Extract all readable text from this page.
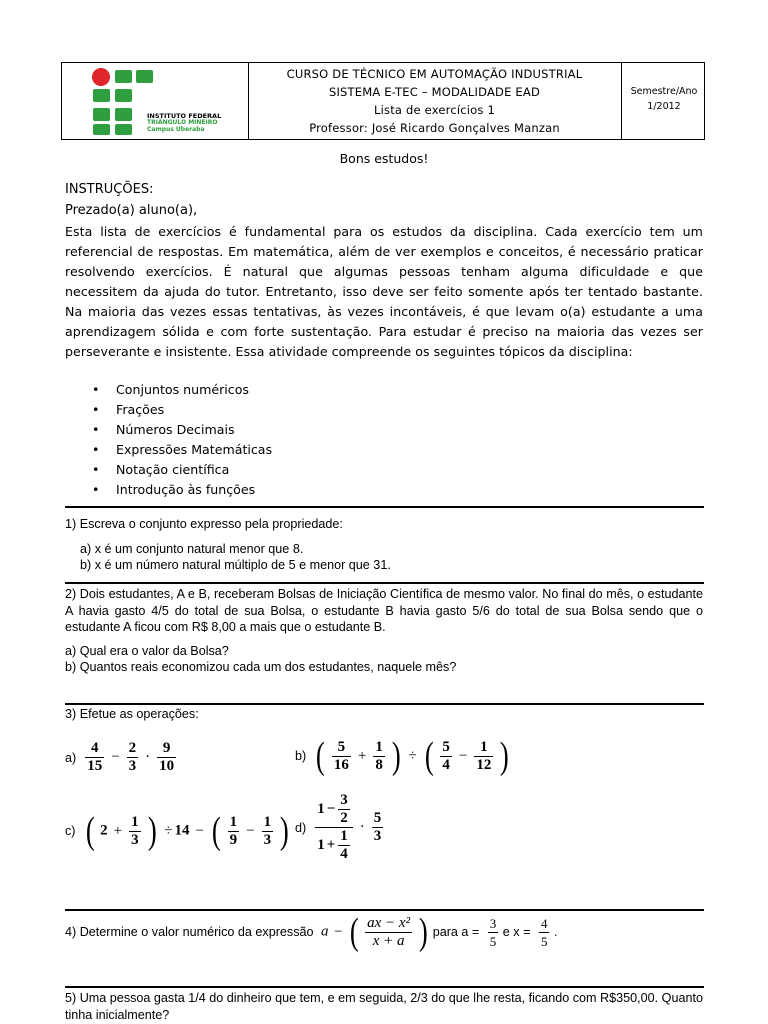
INSTITUTO FEDERAL
TRIÂNGULO MINEIRO
Campus Uberaba
CURSO DE TÉCNICO EM AUTOMAÇÃO INDUSTRIAL
SISTEMA E-TEC – MODALIDADE EAD
Lista de exercícios 1
Professor: José Ricardo Gonçalves Manzan
Semestre/Ano
1/2012
Bons estudos!
INSTRUÇÕES:
Prezado(a) aluno(a),
Esta lista de exercícios é fundamental para os estudos da disciplina. Cada exercício tem um referencial de respostas. Em matemática, além de ver exemplos e conceitos, é necessário praticar resolvendo exercícios. É natural que algumas pessoas tenham alguma dificuldade e que necessitem da ajuda do tutor. Entretanto, isso deve ser feito somente após ter tentado bastante. Na maioria das vezes essas tentativas, às vezes incontáveis, é que levam o(a) estudante a uma aprendizagem sólida e com forte sustentação. Para estudar é preciso na maioria das vezes ser perseverante e insistente. Essa atividade compreende os seguintes tópicos da disciplina:
• Conjuntos numéricos
• Frações
• Números Decimais
• Expressões Matemáticas
• Notação científica
• Introdução às funções
1) Escreva o conjunto expresso pela propriedade:
a) x é um conjunto natural menor que 8.
b) x é um número natural múltiplo de 5 e menor que 31.
2) Dois estudantes, A e B, receberam Bolsas de Iniciação Científica de mesmo valor. No final do mês, o estudante A havia gasto 4/5 do total de sua Bolsa, o estudante B havia gasto 5/6 do total de sua Bolsa sendo que o estudante A ficou com R$ 8,00 a mais que o estudante B.
a) Qual era o valor da Bolsa?
b) Quantos reais economizou cada um dos estudantes, naquele mês?
3) Efetue as operações:
$a) \frac{4}{15} - \frac{2}{3} \cdot \frac{9}{10}$	b) ( $\frac{5}{16} + \frac{1}{8}$ ) ÷ ( $\frac{5}{4} - \frac{1}{12}$ )
c) ( $2 + \frac{1}{3}$ ) ÷ 14 − ( $\frac{1}{9} - \frac{1}{3}$ ) $d) \frac{1 - \frac{3}{2}}{1 + \frac{1}{4}} \cdot \frac{5}{3}$
4) Determine o valor numérico da expressão a − ( $\frac{\text{ax − x²}}{x + a}$ ) para $a = \frac{3}{5}$ e $x = \frac{4}{5}$ .
5) Uma pessoa gasta 1/4 do dinheiro que tem, e em seguida, 2/3 do que lhe resta, ficando com R$350,00. Quanto tinha inicialmente?
